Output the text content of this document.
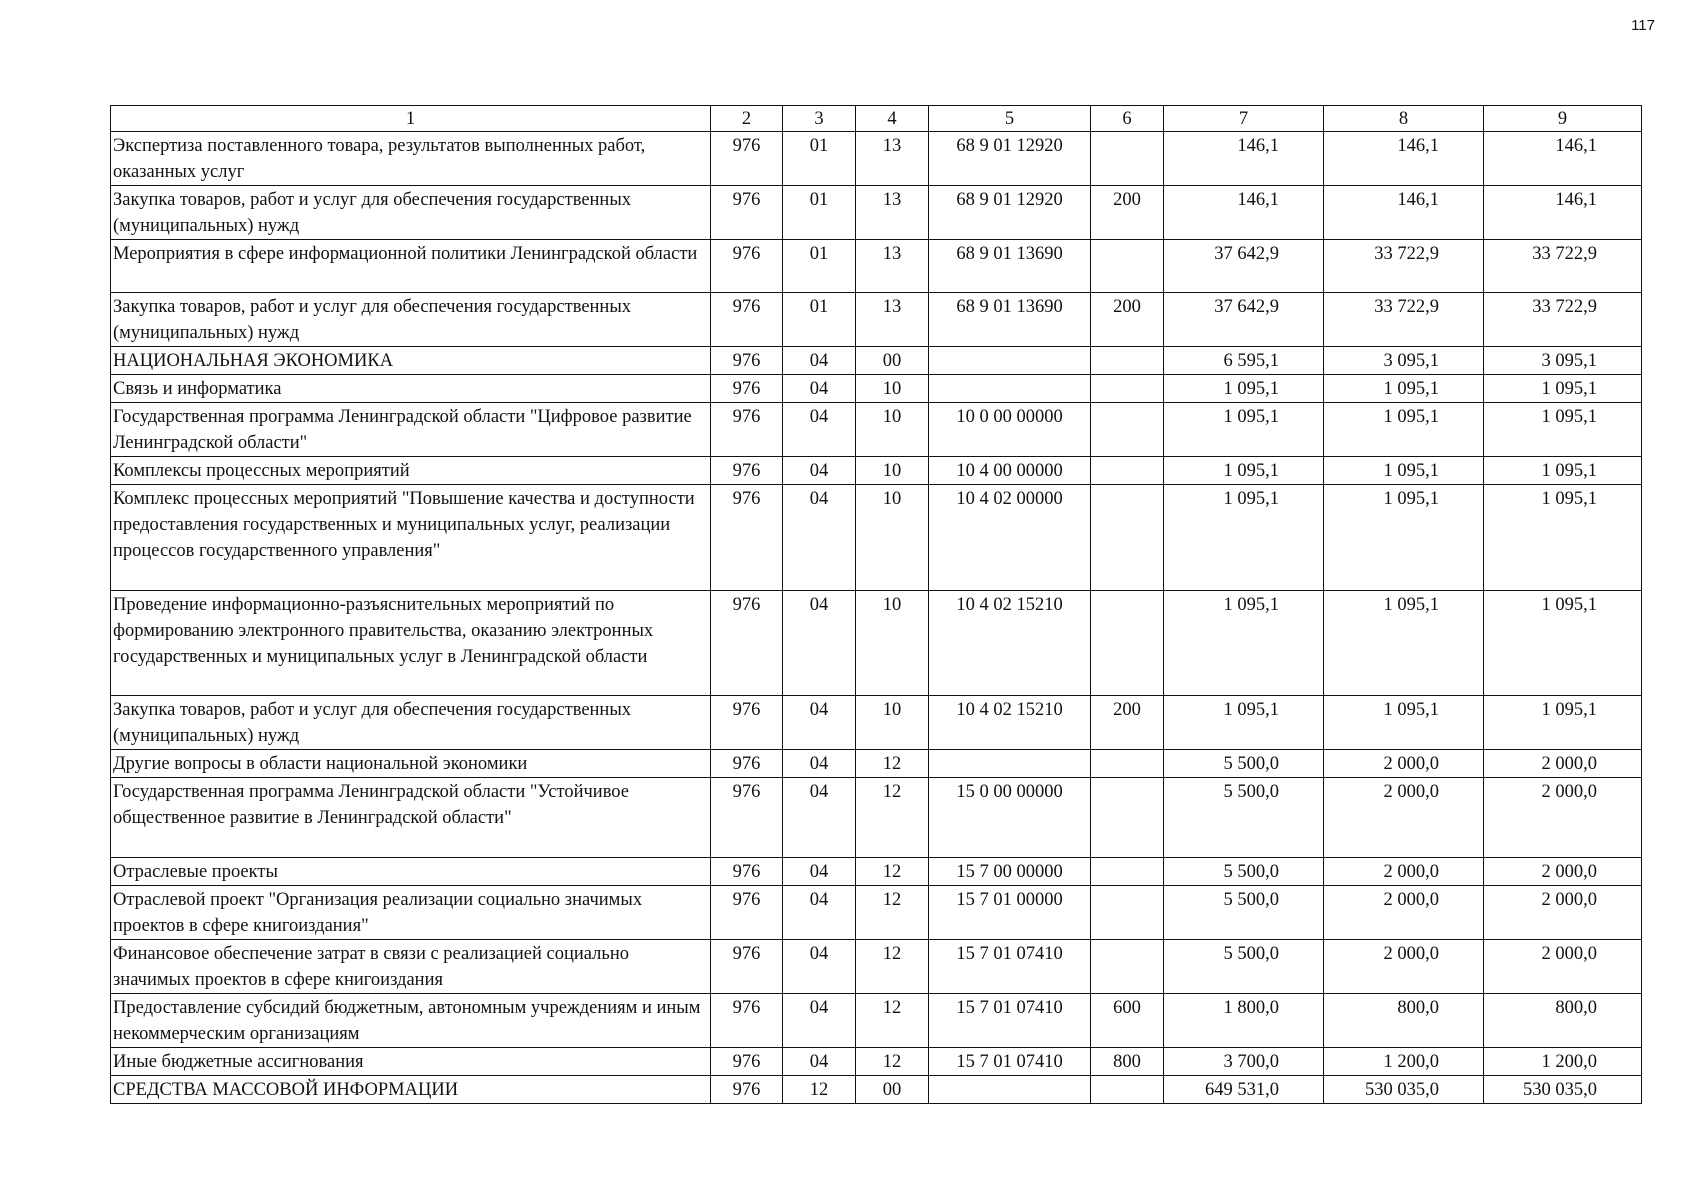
117
1	2	3	4	5	6	7	8	9
Экспертиза поставленного товара, результатов выполненных работ, оказанных услуг	976	01	13	68 9 01 12920		146,1	146,1	146,1
Закупка товаров, работ и услуг для обеспечения государственных (муниципальных) нужд	976	01	13	68 9 01 12920	200	146,1	146,1	146,1
Мероприятия в сфере информационной политики Ленинградской области	976	01	13	68 9 01 13690		37 642,9	33 722,9	33 722,9
Закупка товаров, работ и услуг для обеспечения государственных (муниципальных) нужд	976	01	13	68 9 01 13690	200	37 642,9	33 722,9	33 722,9
НАЦИОНАЛЬНАЯ ЭКОНОМИКА	976	04	00			6 595,1	3 095,1	3 095,1
Связь и информатика	976	04	10			1 095,1	1 095,1	1 095,1
Государственная программа Ленинградской области "Цифровое развитие Ленинградской области"	976	04	10	10 0 00 00000		1 095,1	1 095,1	1 095,1
Комплексы процессных мероприятий	976	04	10	10 4 00 00000		1 095,1	1 095,1	1 095,1
Комплекс процессных мероприятий "Повышение качества и доступности предоставления государственных и муниципальных услуг, реализации процессов государственного управления"	976	04	10	10 4 02 00000		1 095,1	1 095,1	1 095,1
Проведение информационно-разъяснительных мероприятий по формированию электронного правительства, оказанию электронных государственных и муниципальных услуг в Ленинградской области	976	04	10	10 4 02 15210		1 095,1	1 095,1	1 095,1
Закупка товаров, работ и услуг для обеспечения государственных (муниципальных) нужд	976	04	10	10 4 02 15210	200	1 095,1	1 095,1	1 095,1
Другие вопросы в области национальной экономики	976	04	12			5 500,0	2 000,0	2 000,0
Государственная программа Ленинградской области "Устойчивое общественное развитие в Ленинградской области"	976	04	12	15 0 00 00000		5 500,0	2 000,0	2 000,0
Отраслевые проекты	976	04	12	15 7 00 00000		5 500,0	2 000,0	2 000,0
Отраслевой проект "Организация реализации социально значимых проектов в сфере книгоиздания"	976	04	12	15 7 01 00000		5 500,0	2 000,0	2 000,0
Финансовое обеспечение затрат в связи с реализацией социально значимых проектов в сфере книгоиздания	976	04	12	15 7 01 07410		5 500,0	2 000,0	2 000,0
Предоставление субсидий бюджетным, автономным учреждениям и иным некоммерческим организациям	976	04	12	15 7 01 07410	600	1 800,0	800,0	800,0
Иные бюджетные ассигнования	976	04	12	15 7 01 07410	800	3 700,0	1 200,0	1 200,0
СРЕДСТВА МАССОВОЙ ИНФОРМАЦИИ	976	12	00			649 531,0	530 035,0	530 035,0
